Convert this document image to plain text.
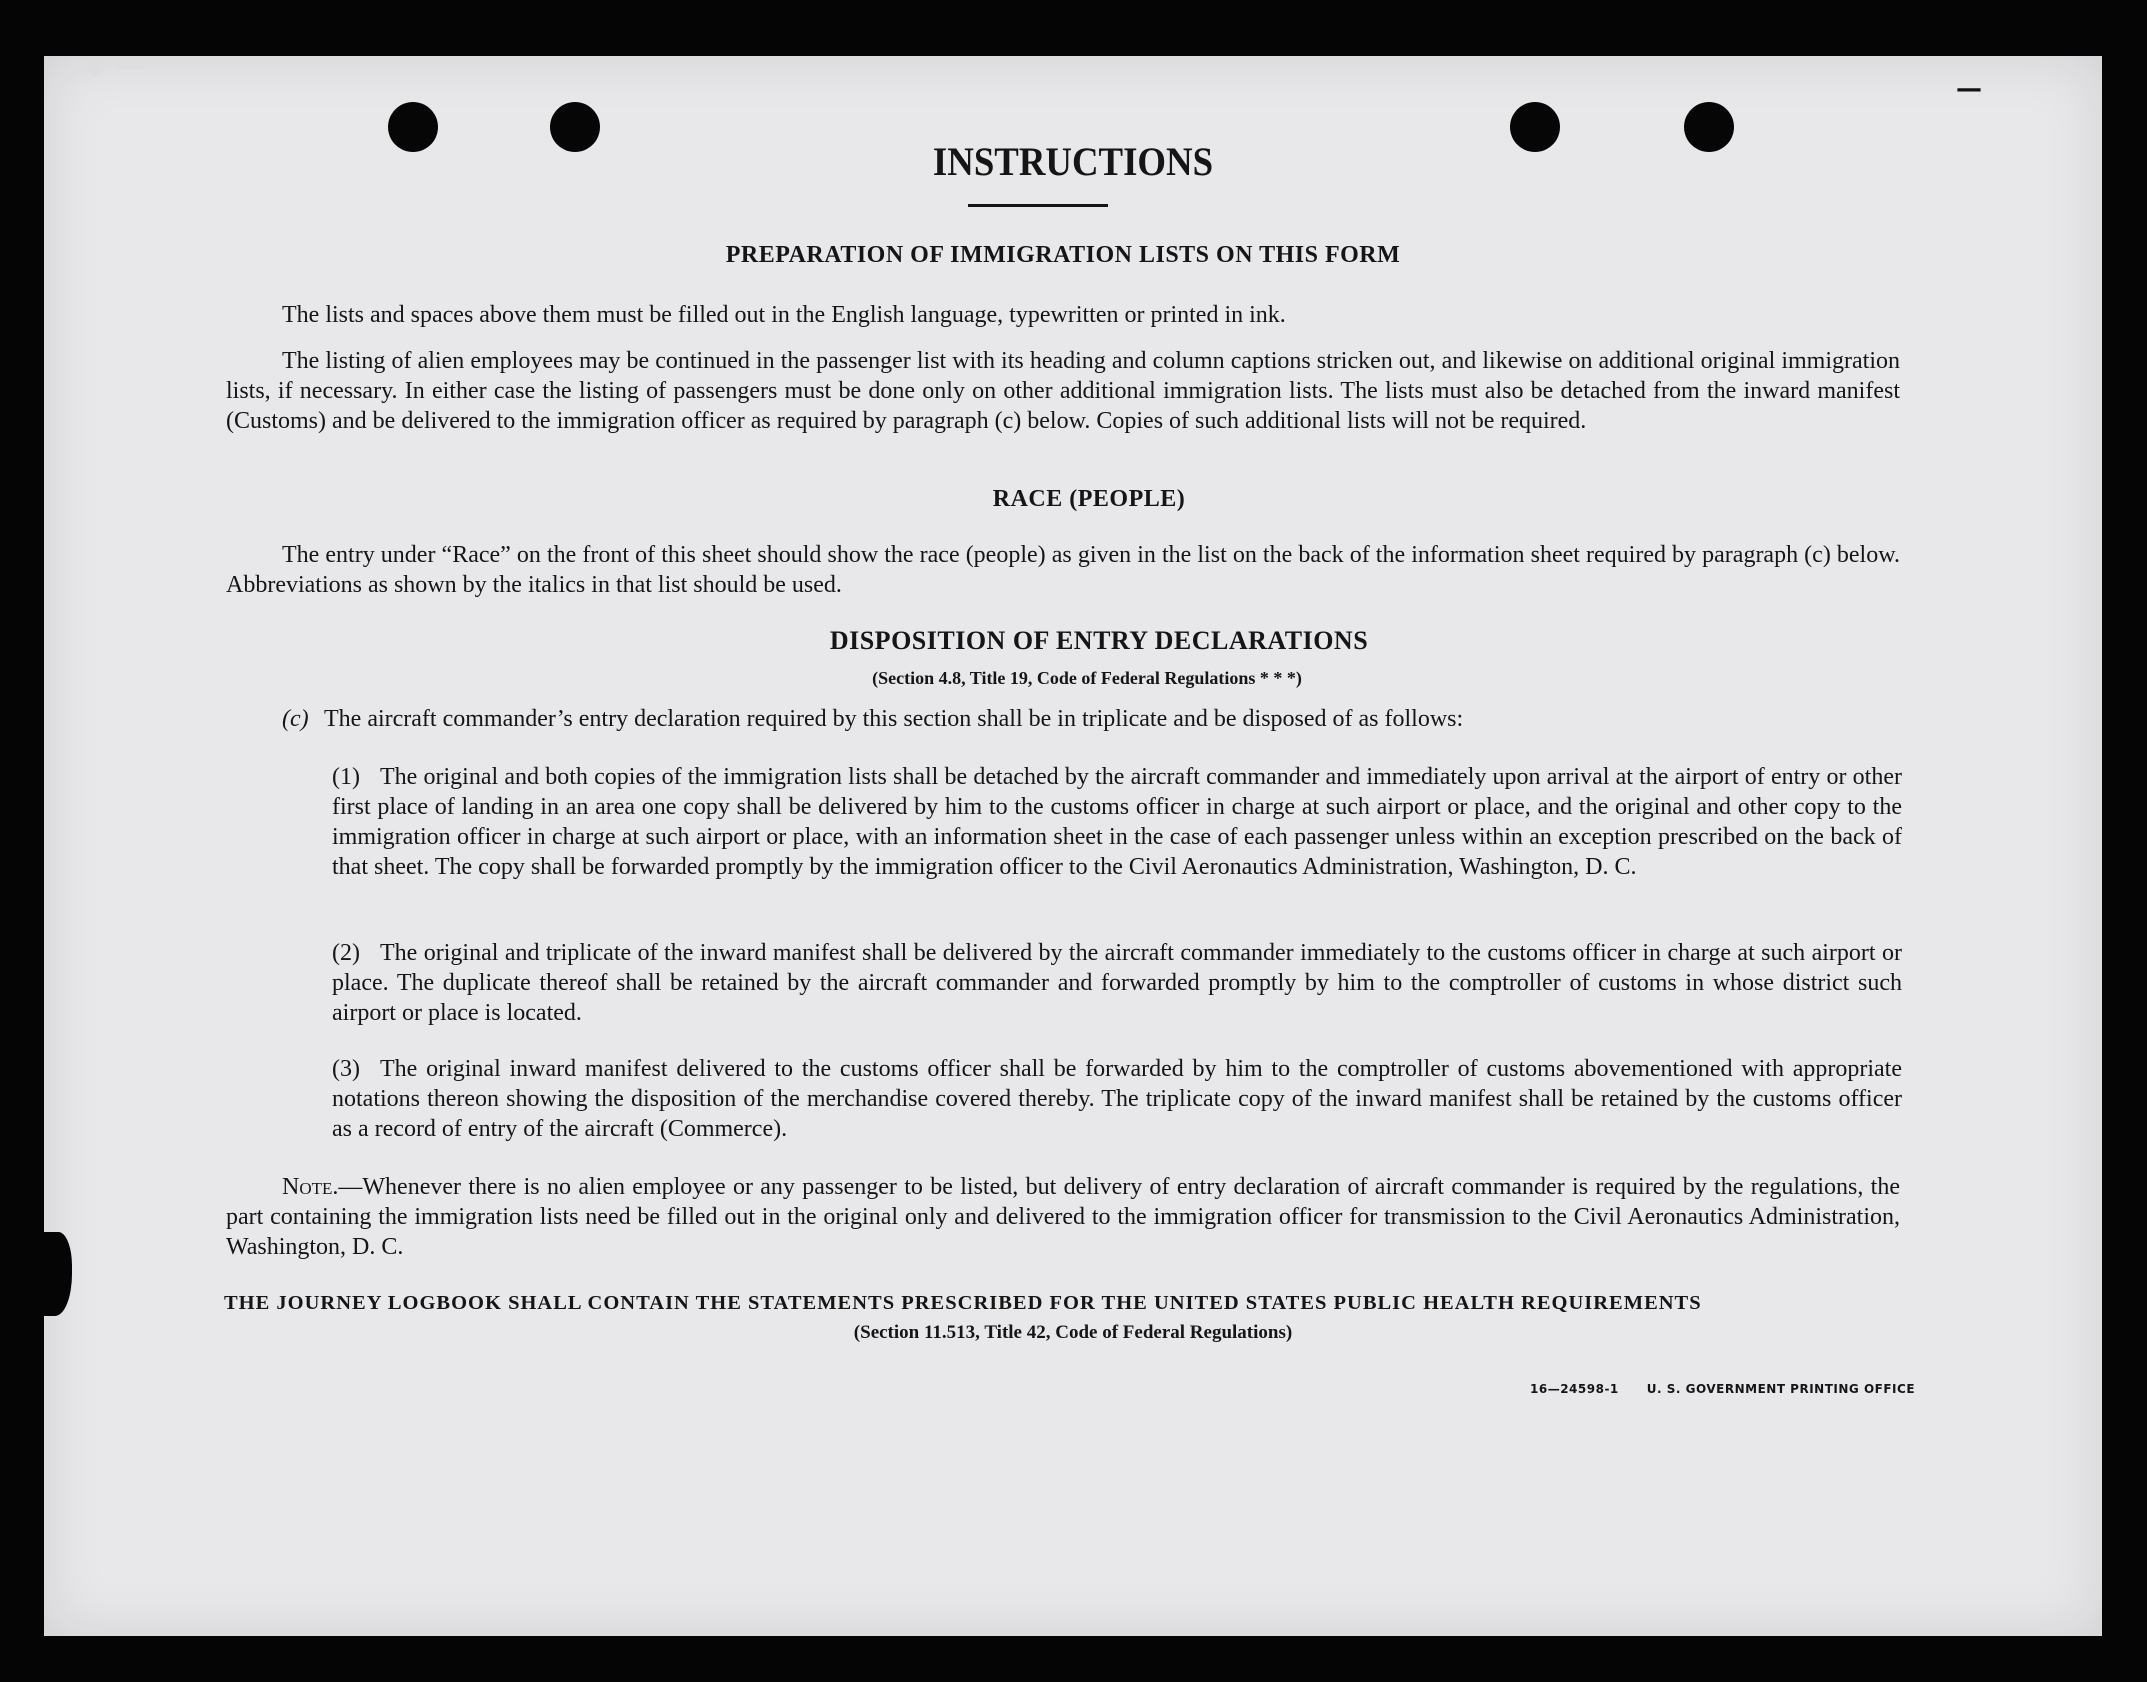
INSTRUCTIONS
PREPARATION OF IMMIGRATION LISTS ON THIS FORM
The lists and spaces above them must be filled out in the English language, typewritten or printed in ink.
The listing of alien employees may be continued in the passenger list with its heading and column captions stricken out, and likewise on additional original immigration lists, if necessary. In either case the listing of passengers must be done only on other additional immigration lists. The lists must also be detached from the inward manifest (Customs) and be delivered to the immigration officer as required by paragraph (c) below. Copies of such additional lists will not be required.
RACE (PEOPLE)
The entry under “Race” on the front of this sheet should show the race (people) as given in the list on the back of the information sheet required by paragraph (c) below. Abbreviations as shown by the italics in that list should be used.
DISPOSITION OF ENTRY DECLARATIONS
(Section 4.8, Title 19, Code of Federal Regulations * * *)
(c) The aircraft commander’s entry declaration required by this section shall be in triplicate and be disposed of as follows:
(1) The original and both copies of the immigration lists shall be detached by the aircraft commander and immediately upon arrival at the airport of entry or other first place of landing in an area one copy shall be delivered by him to the customs officer in charge at such airport or place, and the original and other copy to the immigration officer in charge at such airport or place, with an information sheet in the case of each passenger unless within an exception prescribed on the back of that sheet. The copy shall be forwarded promptly by the immigration officer to the Civil Aeronautics Administration, Washington, D. C.
(2) The original and triplicate of the inward manifest shall be delivered by the aircraft commander immediately to the customs officer in charge at such airport or place. The duplicate thereof shall be retained by the aircraft commander and forwarded promptly by him to the comptroller of customs in whose district such airport or place is located.
(3) The original inward manifest delivered to the customs officer shall be forwarded by him to the comptroller of customs abovementioned with appropriate notations thereon showing the disposition of the merchandise covered thereby. The triplicate copy of the inward manifest shall be retained by the customs officer as a record of entry of the aircraft (Commerce).
Note.—Whenever there is no alien employee or any passenger to be listed, but delivery of entry declaration of aircraft commander is required by the regulations, the part containing the immigration lists need be filled out in the original only and delivered to the immigration officer for transmission to the Civil Aeronautics Administration, Washington, D. C.
THE JOURNEY LOGBOOK SHALL CONTAIN THE STATEMENTS PRESCRIBED FOR THE UNITED STATES PUBLIC HEALTH REQUIREMENTS
(Section 11.513, Title 42, Code of Federal Regulations)
16—24598-1 U. S. GOVERNMENT PRINTING OFFICE
ɕ —
—
